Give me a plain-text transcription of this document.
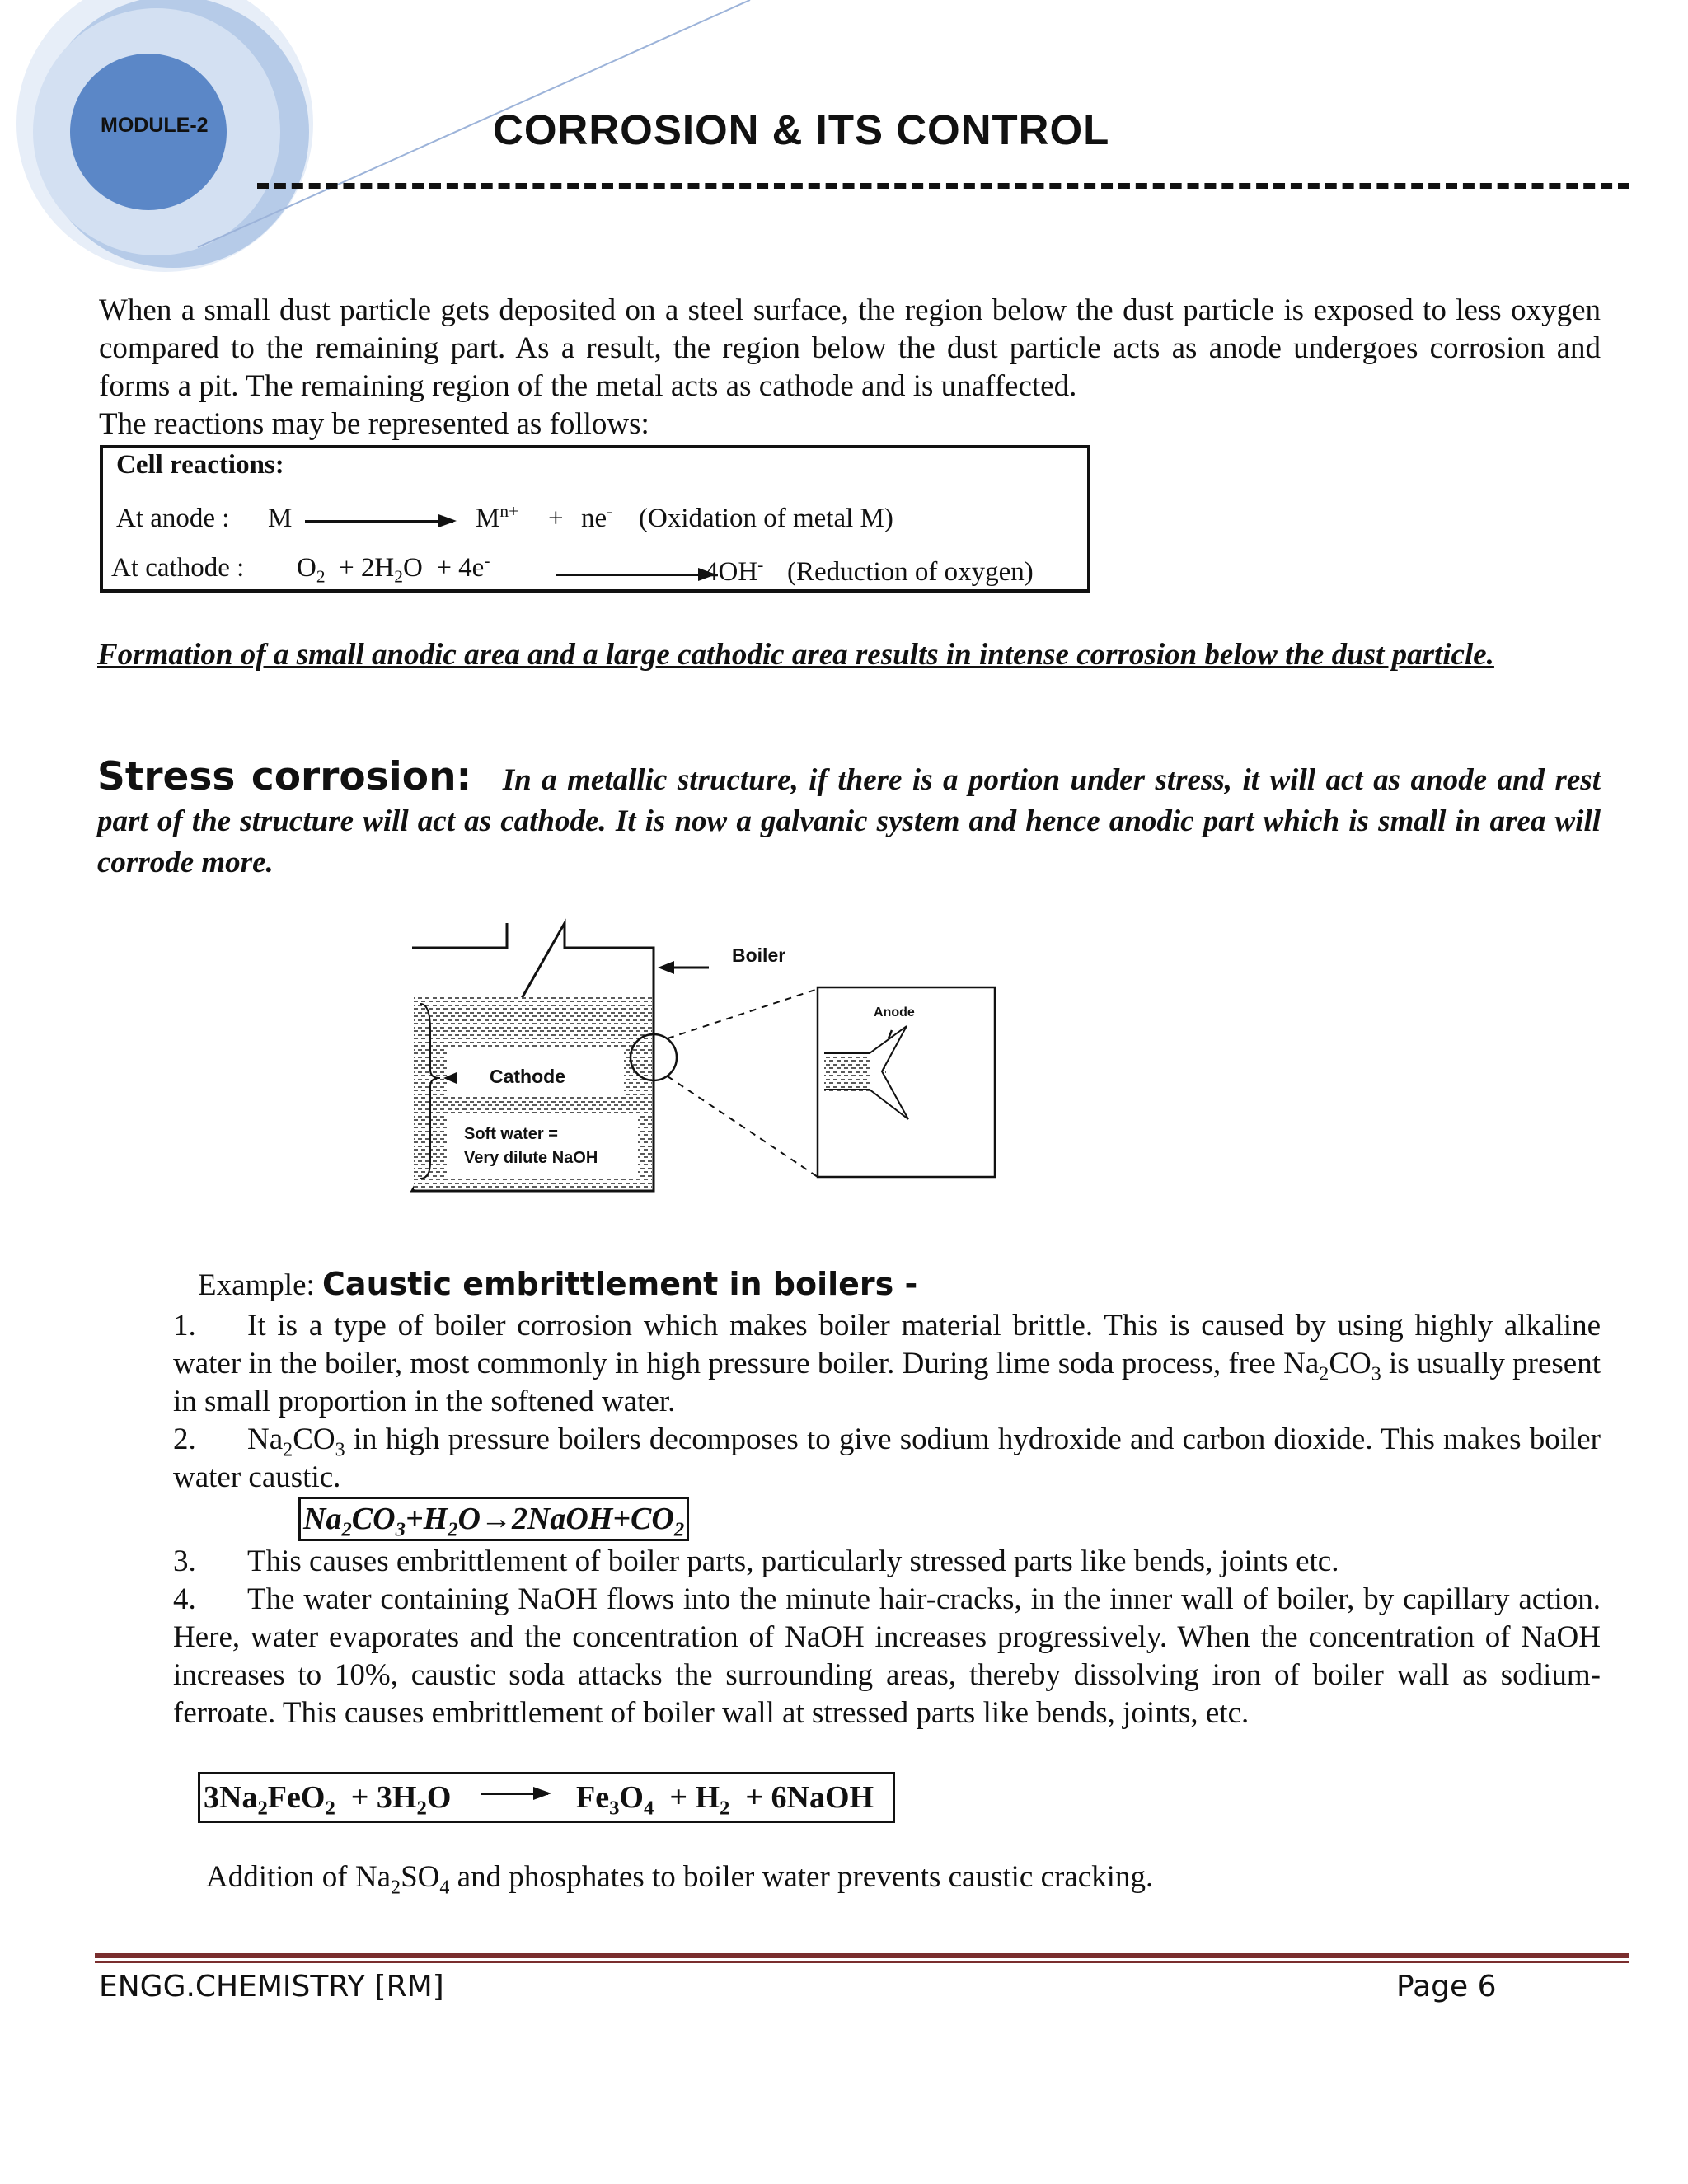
MODULE-2	CORROSION & ITS CONTROL
When a small dust particle gets deposited on a steel surface, the region below the dust particle is exposed to less oxygen compared to the remaining part. As a result, the region below the dust particle acts as anode undergoes corrosion and forms a pit. The remaining region of the metal acts as cathode and is unaffected.
The reactions may be represented as follows:
Cell reactions:
At anode : M	$M^{n+} + ne^-$ (Oxidation of metal M)
At cathode : $O_2 + 2H_2O + 4e^-$	4OH- (Reduction of oxygen)
Formation of a small anodic area and a large cathodic area results in intense corrosion below the dust particle.
Stress corrosion: In a metallic structure, if there is a portion under stress, it will act as anode and rest part of the structure will act as cathode. It is now a galvanic system and hence anodic part which is small in area will corrode more.
Boiler
Cathode
Soft water =
Very dilute NaOH
Anode
Example: Caustic embrittlement in boilers -
1. It is a type of boiler corrosion which makes boiler material brittle. This is caused by using highly alkaline water in the boiler, most commonly in high pressure boiler. During lime soda process, free $Na_2CO_3$ is usually present in small proportion in the softened water.
2. $Na_2CO_3$ in high pressure boilers decomposes to give sodium hydroxide and carbon dioxide. This makes boiler water caustic.
$Na_2CO_3+H_2O\to 2NaOH+CO_2$
3. This causes embrittlement of boiler parts, particularly stressed parts like bends, joints etc.
4. The water containing NaOH flows into the minute hair-cracks, in the inner wall of boiler, by capillary action. Here, water evaporates and the concentration of NaOH increases progressively. When the concentration of NaOH increases to 10%, caustic soda attacks the surrounding areas, thereby dissolving iron of boiler wall as sodium-ferroate. This causes embrittlement of boiler wall at stressed parts like bends, joints, etc.
$3Na_2FeO_2 + 3H_2O$	$Fe_3O_4 + H_2$  + 6NaOH
Addition of $Na_2SO_4$ and phosphates to boiler water prevents caustic cracking.
ENGG.CHEMISTRY [RM]	Page 6
